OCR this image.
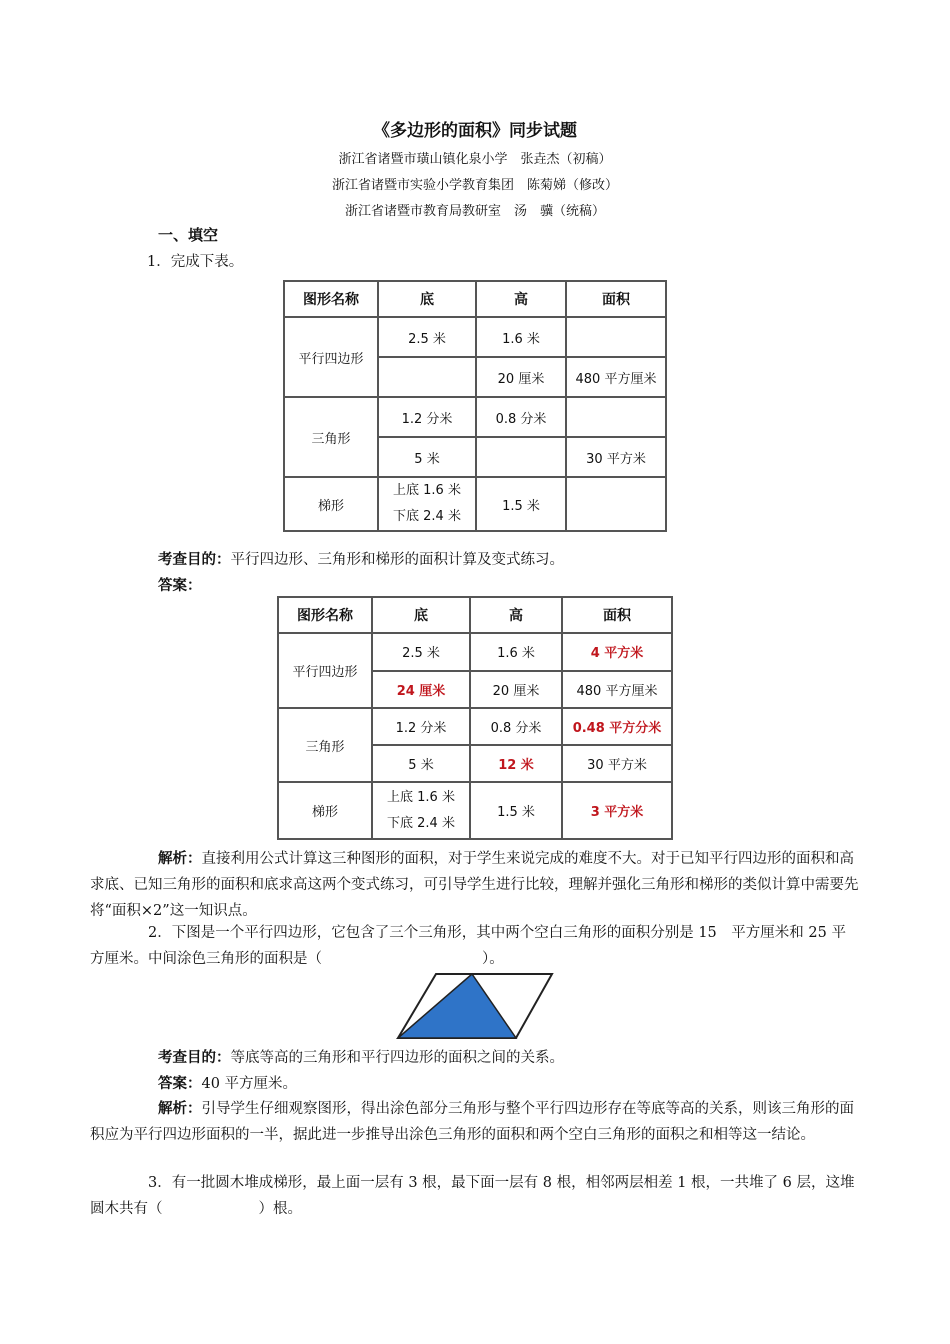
《多边形的面积》同步试题
浙江省诸暨市璜山镇化泉小学　张垚杰（初稿）
浙江省诸暨市实验小学教育集团　陈菊娣（修改）
浙江省诸暨市教育局教研室　汤　骥（统稿）
一、填空
1．完成下表。
图形名称	底	高	面积
平行四边形	2.5 米	1.6 米	
		20 厘米	480 平方厘米
三角形	1.2 分米	0.8 分米	
	5 米		30 平方米
梯形	上底 1.6 米
下底 2.4 米	1.5 米	
考查目的：平行四边形、三角形和梯形的面积计算及变式练习。
答案：
图形名称	底	高	面积
平行四边形	2.5 米	1.6 米	4 平方米
	24 厘米	20 厘米	480 平方厘米
三角形	1.2 分米	0.8 分米	0.48 平方分米
	5 米	12 米	30 平方米
梯形	上底 1.6 米
下底 2.4 米	1.5 米	3 平方米
解析：直接利用公式计算这三种图形的面积，对于学生来说完成的难度不大。对于已知平行四边形的面积和高求底、已知三角形的面积和底求高这两个变式练习，可引导学生进行比较，理解并强化三角形和梯形的类似计算中需要先将“面积×2”这一知识点。
2．下图是一个平行四边形，它包含了三个三角形，其中两个空白三角形的面积分别是 15　平方厘米和 25 平方厘米。中间涂色三角形的面积是（	）。
考查目的：等底等高的三角形和平行四边形的面积之间的关系。
答案：40 平方厘米。
解析：引导学生仔细观察图形，得出涂色部分三角形与整个平行四边形存在等底等高的关系，则该三角形的面积应为平行四边形面积的一半，据此进一步推导出涂色三角形的面积和两个空白三角形的面积之和相等这一结论。
3．有一批圆木堆成梯形，最上面一层有 3 根，最下面一层有 8 根，相邻两层相差 1 根，一共堆了 6 层，这堆圆木共有（	）根。
